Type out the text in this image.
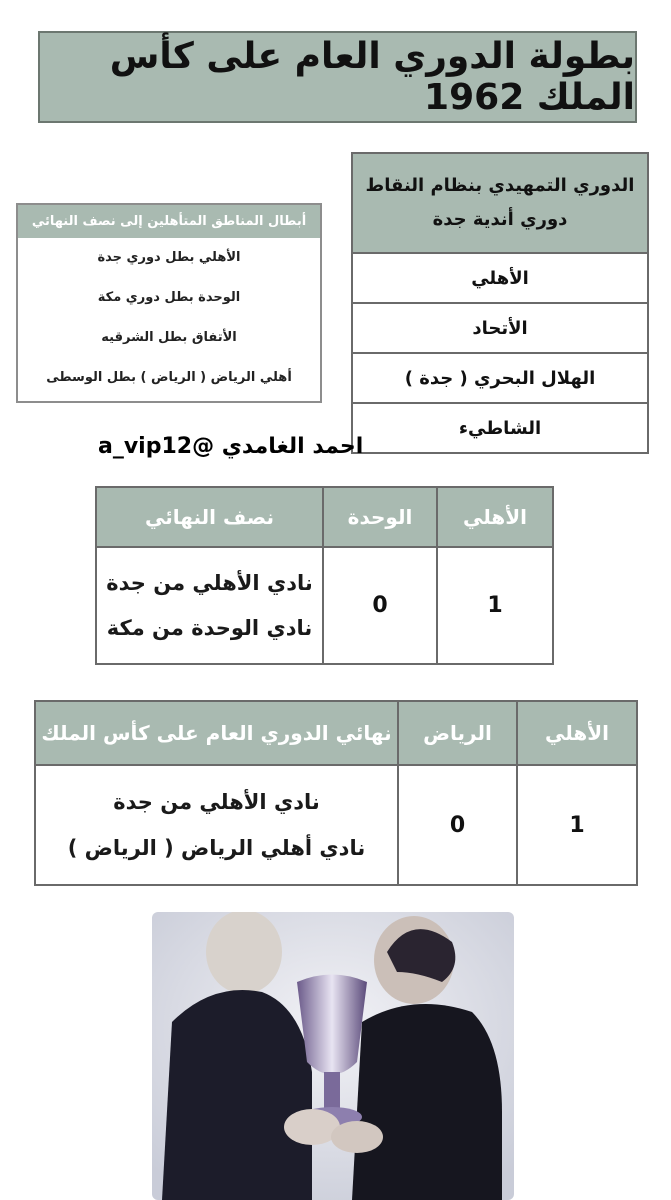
بطولة الدوري العام على كأس الملك 1962
الدوري التمهيدي بنظام النقاط
دوري أندية جدة

الأهلي
الأتحاد
الهلال البحري ( جدة )
الشاطيء
أبطال المناطق المتأهلين إلى نصف النهائي
الأهلي بطل دوري جدة
الوحدة بطل دوري مكة
الأتفاق بطل الشرقيه
أهلي الرياض ( الرياض ) بطل الوسطى
احمد الغامدي @a_vip12
الأهلي	الوحدة	نصف النهائي
1	0	نادي الأهلي من جدة
نادي الوحدة من مكة
الأهلي	الرياض	نهائي الدوري العام على كأس الملك
1	0	نادي الأهلي من جدة
نادي أهلي الرياض ( الرياض )
